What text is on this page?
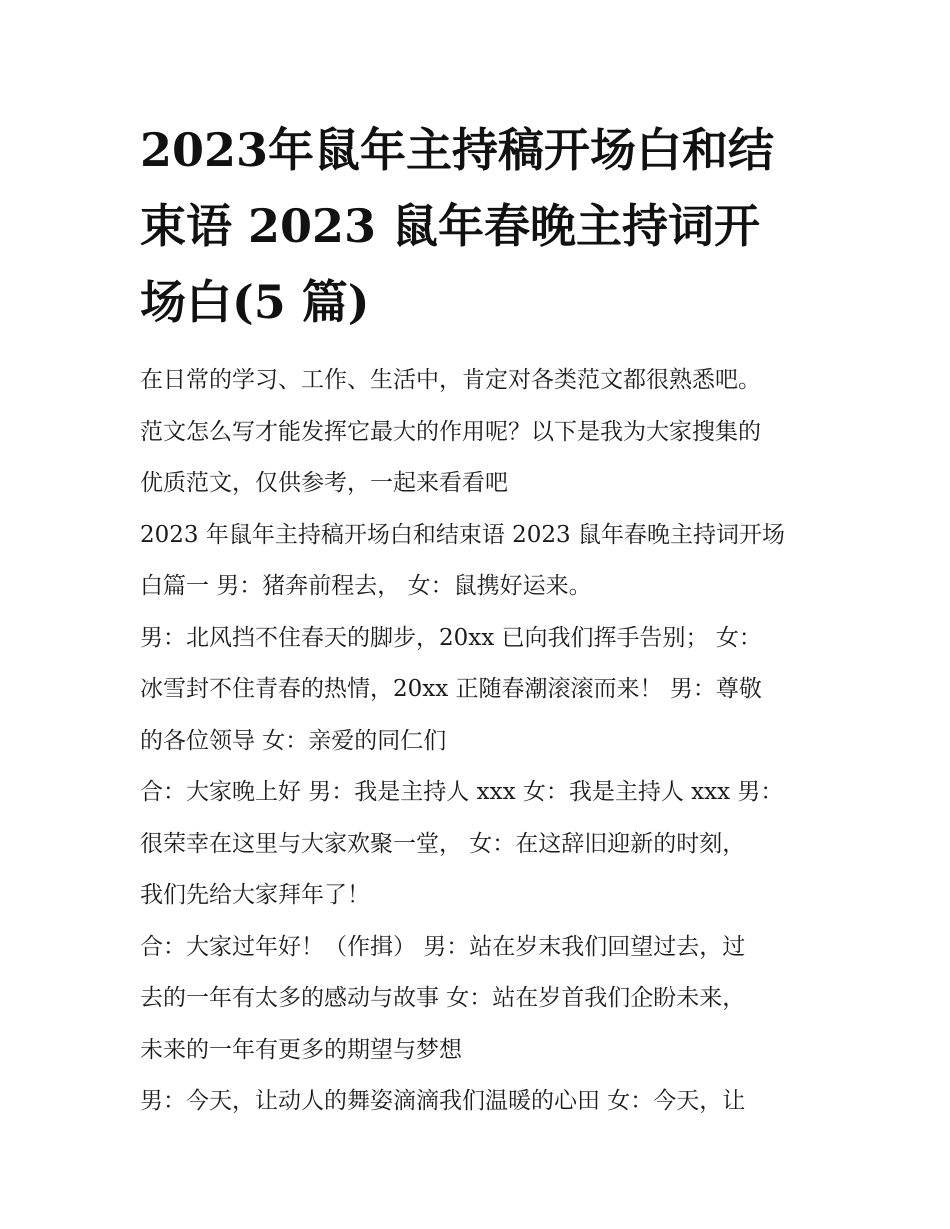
2023年鼠年主持稿开场白和结
束语 2023 鼠年春晚主持词开
场白(5 篇)

在日常的学习、工作、生活中，肯定对各类范文都很熟悉吧。
范文怎么写才能发挥它最大的作用呢？以下是我为大家搜集的
优质范文，仅供参考，一起来看看吧

2023 年鼠年主持稿开场白和结束语 2023 鼠年春晚主持词开场
白篇一 男：猪奔前程去， 女：鼠携好运来。

男：北风挡不住春天的脚步，20xx 已向我们挥手告别； 女：
冰雪封不住青春的热情，20xx 正随春潮滚滚而来！ 男：尊敬
的各位领导 女：亲爱的同仁们

合：大家晚上好 男：我是主持人 xxx 女：我是主持人 xxx 男：
很荣幸在这里与大家欢聚一堂， 女：在这辞旧迎新的时刻，
我们先给大家拜年了！

合：大家过年好！（作揖） 男：站在岁末我们回望过去，过
去的一年有太多的感动与故事 女：站在岁首我们企盼未来，
未来的一年有更多的期望与梦想

男：今天，让动人的舞姿滴滴我们温暖的心田 女：今天，让
